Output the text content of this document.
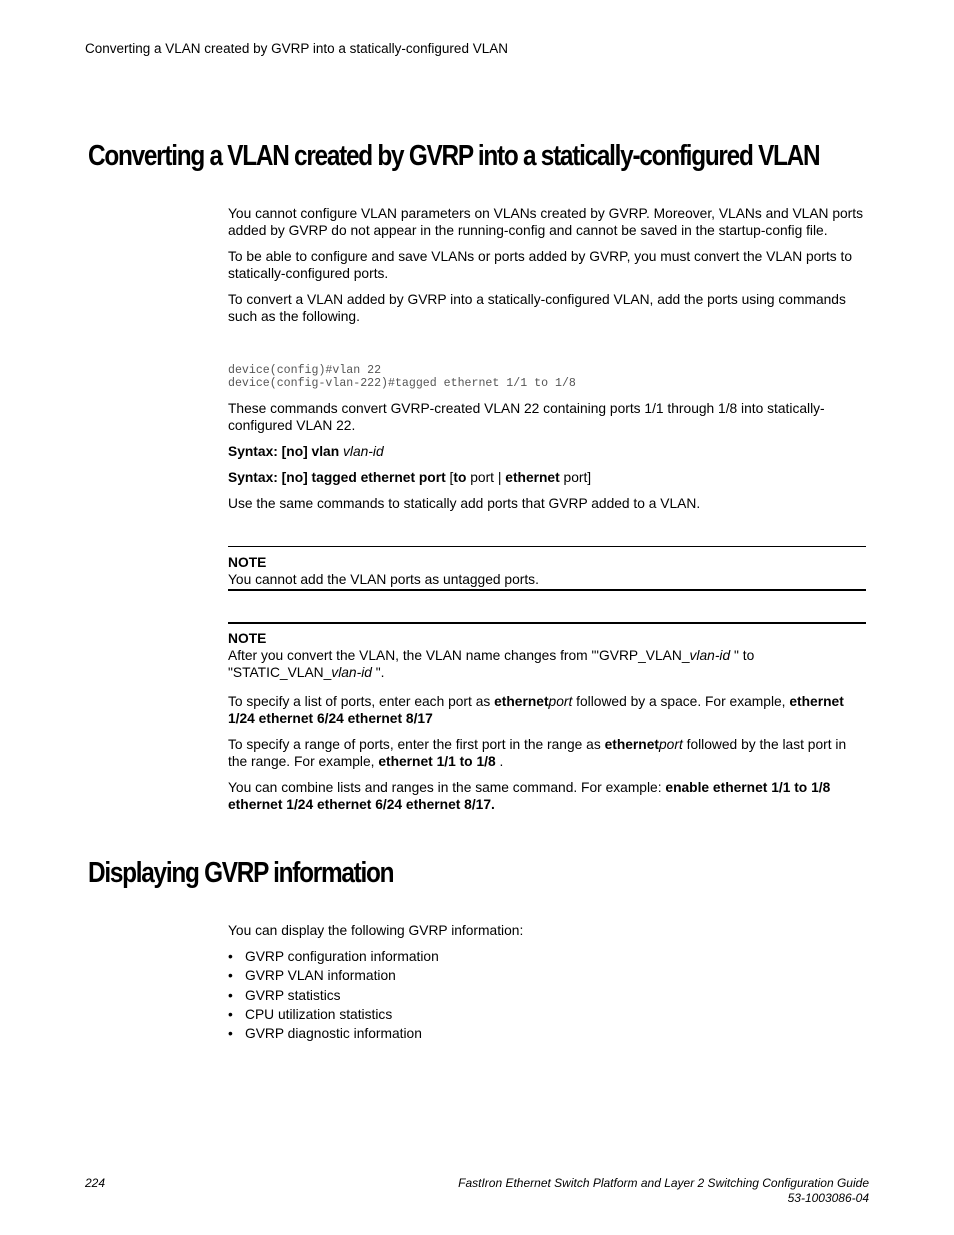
Converting a VLAN created by GVRP into a statically-configured VLAN
Converting a VLAN created by GVRP into a statically-configured VLAN

You cannot configure VLAN parameters on VLANs created by GVRP. Moreover, VLANs and VLAN ports added by GVRP do not appear in the running-config and cannot be saved in the startup-config file.

To be able to configure and save VLANs or ports added by GVRP, you must convert the VLAN ports to statically-configured ports.

To convert a VLAN added by GVRP into a statically-configured VLAN, add the ports using commands such as the following.

device(config)#vlan 22
device(config-vlan-222)#tagged ethernet 1/1 to 1/8

These commands convert GVRP-created VLAN 22 containing ports 1/1 through 1/8 into statically-configured VLAN 22.

Syntax: [no] vlan vlan-id

Syntax: [no] tagged ethernet port [to port | ethernet port]

Use the same commands to statically add ports that GVRP added to a VLAN.

NOTE
You cannot add the VLAN ports as untagged ports.
NOTE
After you convert the VLAN, the VLAN name changes from "'GVRP_VLAN_vlan-id " to "STATIC_VLAN_vlan-id ".

To specify a list of ports, enter each port as ethernetport followed by a space. For example, ethernet 1/24 ethernet 6/24 ethernet 8/17

To specify a range of ports, enter the first port in the range as ethernetport followed by the last port in the range. For example, ethernet 1/1 to 1/8 .

You can combine lists and ranges in the same command. For example: enable ethernet 1/1 to 1/8 ethernet 1/24 ethernet 6/24 ethernet 8/17.

Displaying GVRP information

You can display the following GVRP information:

• GVRP configuration information
• GVRP VLAN information
• GVRP statistics
• CPU utilization statistics
• GVRP diagnostic information
224	FastIron Ethernet Switch Platform and Layer 2 Switching Configuration Guide
53-1003086-04
